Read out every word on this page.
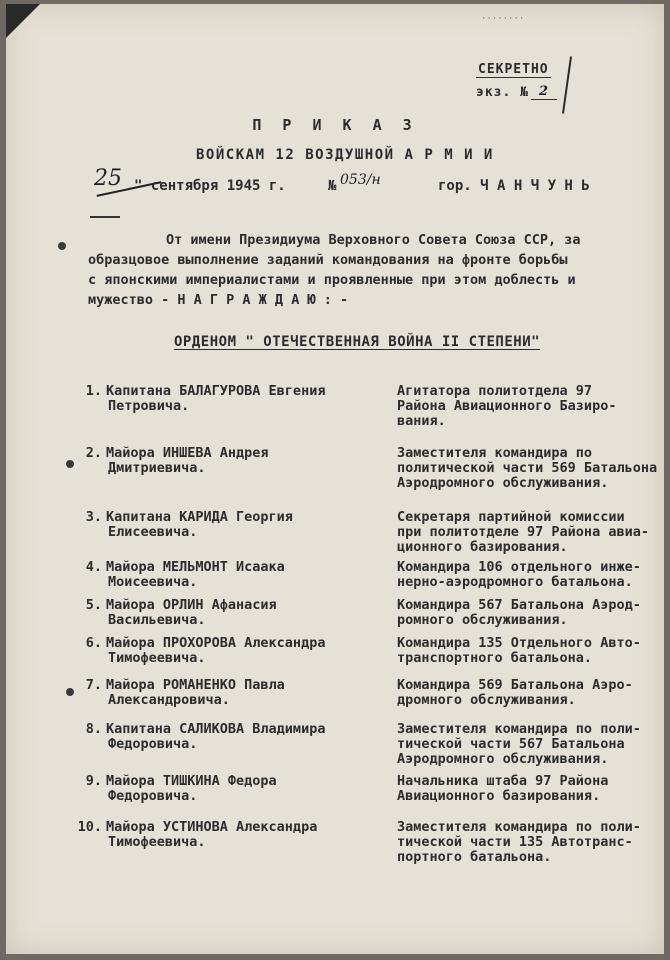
········
СЕКРЕТНО
экз. № 2
П Р И К А З
ВОЙСКАМ 12 ВОЗДУШНОЙ А Р М И И
25 " сентября 1945 г.	№ 053/н	гор. Ч А Н Ч У Н Ь

От имени Президиума Верховного Совета Союза ССР, за

образцовое выполнение заданий командования на фронте борьбы

с японскими империалистами и проявленные при этом доблесть и

мужество - Н А Г Р А Ж Д А Ю : -

ОРДЕНОМ " ОТЕЧЕСТВЕННАЯ ВОЙНА II СТЕПЕНИ"
1. Капитана БАЛАГУРОВА Евгения
Петровича.
Агитатора политотдела 97
Района Авиационного Базиро-
вания.
2. Майора ИНШЕВА Андрея
Дмитриевича.
Заместителя командира по
политической части 569 Батальона
Аэродромного обслуживания.
3. Капитана КАРИДА Георгия
Елисеевича.
Секретаря партийной комиссии
при политотделе 97 Района авиа-
ционного базирования.
4. Майора МЕЛЬМОНТ Исаака
Моисеевича.
Командира 106 отдельного инже-
нерно-аэродромного батальона.
5. Майора ОРЛИН Афанасия
Васильевича.
Командира 567 Батальона Аэрод-
ромного обслуживания.
6. Майора ПРОХОРОВА Александра
Тимофеевича.
Командира 135 Отдельного Авто-
транспортного батальона.
7. Майора РОМАНЕНКО Павла
Александровича.
Командира 569 Батальона Аэро-
дромного обслуживания.
8. Капитана САЛИКОВА Владимира
Федоровича.
Заместителя командира по поли-
тической части 567 Батальона
Аэродромного обслуживания.
9. Майора ТИШКИНА Федора
Федоровича.
Начальника штаба 97 Района
Авиационного базирования.
10. Майора УСТИНОВА Александра
Тимофеевича.
Заместителя командира по поли-
тической части 135 Автотранс-
портного батальона.
